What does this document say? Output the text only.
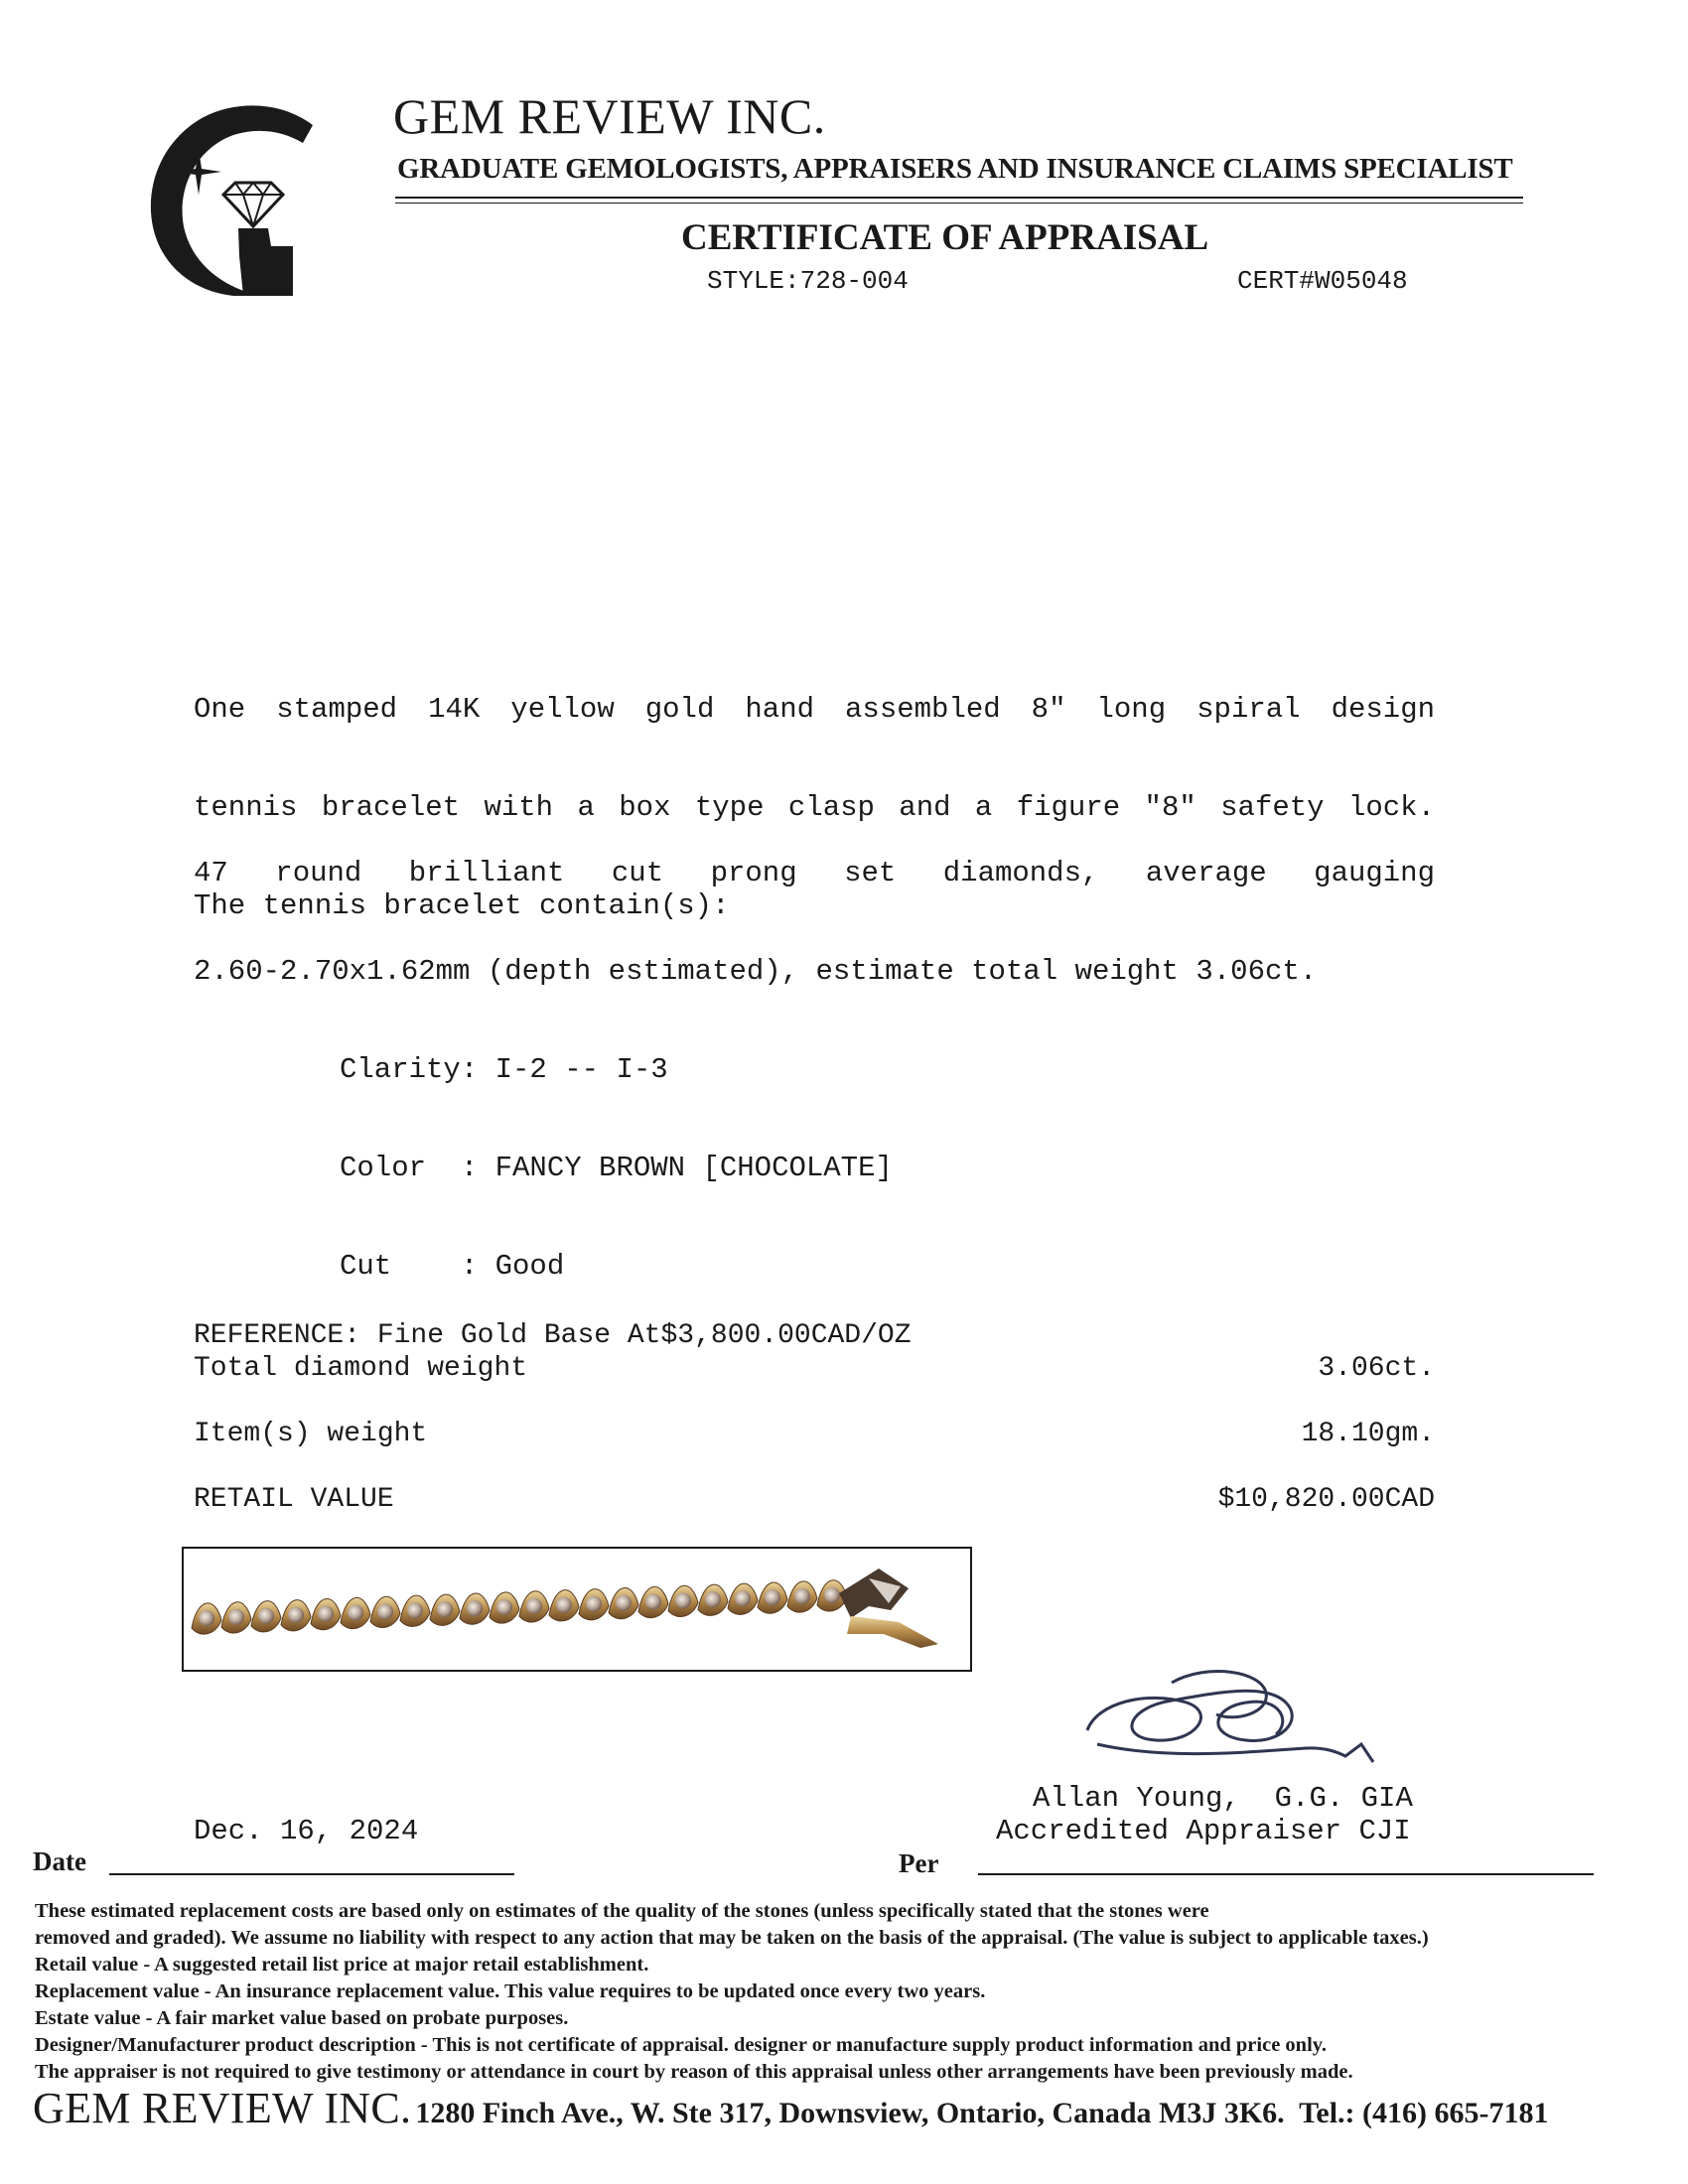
GEM REVIEW INC.
GRADUATE GEMOLOGISTS, APPRAISERS AND INSURANCE CLAIMS SPECIALIST
CERTIFICATE OF APPRAISAL
STYLE:728-004	CERT#W05048

One stamped 14K yellow gold hand assembled 8" long spiral design

tennis bracelet with a box type clasp and a figure "8" safety lock.

The tennis bracelet contain(s):

47 round brilliant cut prong set diamonds, average gauging

2.60-2.70x1.62mm (depth estimated), estimate total weight 3.06ct.

Clarity: I-2 -- I-3

Color  : FANCY BROWN [CHOCOLATE]

Cut    : Good

REFERENCE: Fine Gold Base At$3,800.00CAD/OZ
Total diamond weight	3.06ct.
Item(s) weight	18.10gm.
RETAIL VALUE	$10,820.00CAD
Allan Young,  G.G. GIA
Accredited Appraiser CJI
Dec. 16, 2024
Date	Per
These estimated replacement costs are based only on estimates of the quality of the stones (unless specifically stated that the stones were
removed and graded). We assume no liability with respect to any action that may be taken on the basis of the appraisal. (The value is subject to applicable taxes.)
Retail value - A suggested retail list price at major retail establishment.
Replacement value - An insurance replacement value. This value requires to be updated once every two years.
Estate value - A fair market value based on probate purposes.
Designer/Manufacturer product description - This is not certificate of appraisal. designer or manufacture supply product information and price only.
The appraiser is not required to give testimony or attendance in court by reason of this appraisal unless other arrangements have been previously made.
GEM REVIEW INC. 1280 Finch Ave., W. Ste 317, Downsview, Ontario, Canada M3J 3K6.  Tel.: (416) 665-7181
